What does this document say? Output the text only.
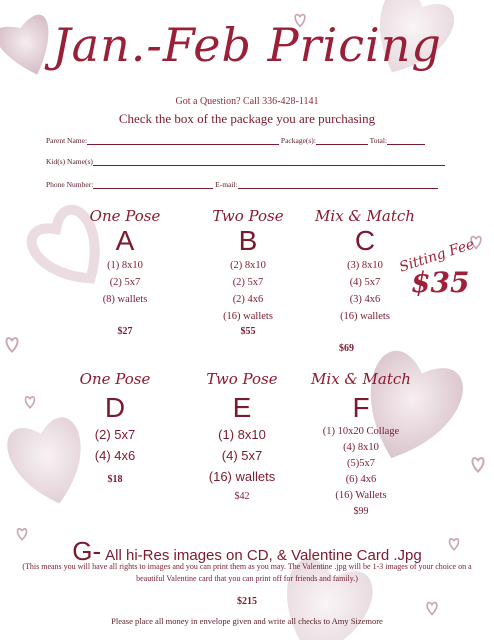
Jan.-Feb Pricing
Got a Question? Call 336-428-1141
Check the box of the package you are purchasing
Parent Name:	Package(s):	Total:
Kid(s) Name(s)
Phone Number:	E-mail:
Sitting Fee
$35
One Pose
A
(1) 8x10
(2) 5x7
(8) wallets
$27
Two Pose
B
(2) 8x10
(2) 5x7
(2) 4x6
(16) wallets
$55
Mix & Match
C
(3) 8x10
(4) 5x7
(3) 4x6
(16) wallets
$69
One Pose
D
(2) 5x7
(4) 4x6
$18
Two Pose
E
(1) 8x10
(4) 5x7
(16) wallets
$42
Mix & Match
F
(1) 10x20 Collage
(4) 8x10
(5)5x7
(6) 4x6
(16) Wallets
$99
G- All hi-Res images on CD, & Valentine Card .Jpg
(This means you will have all rights to images and you can print them as you may. The Valentine .jpg will be 1-3 images of your choice on a beautiful Valentine card that you can print off for friends and family.)
$215
Please place all money in envelope given and write all checks to Amy Sizemore
